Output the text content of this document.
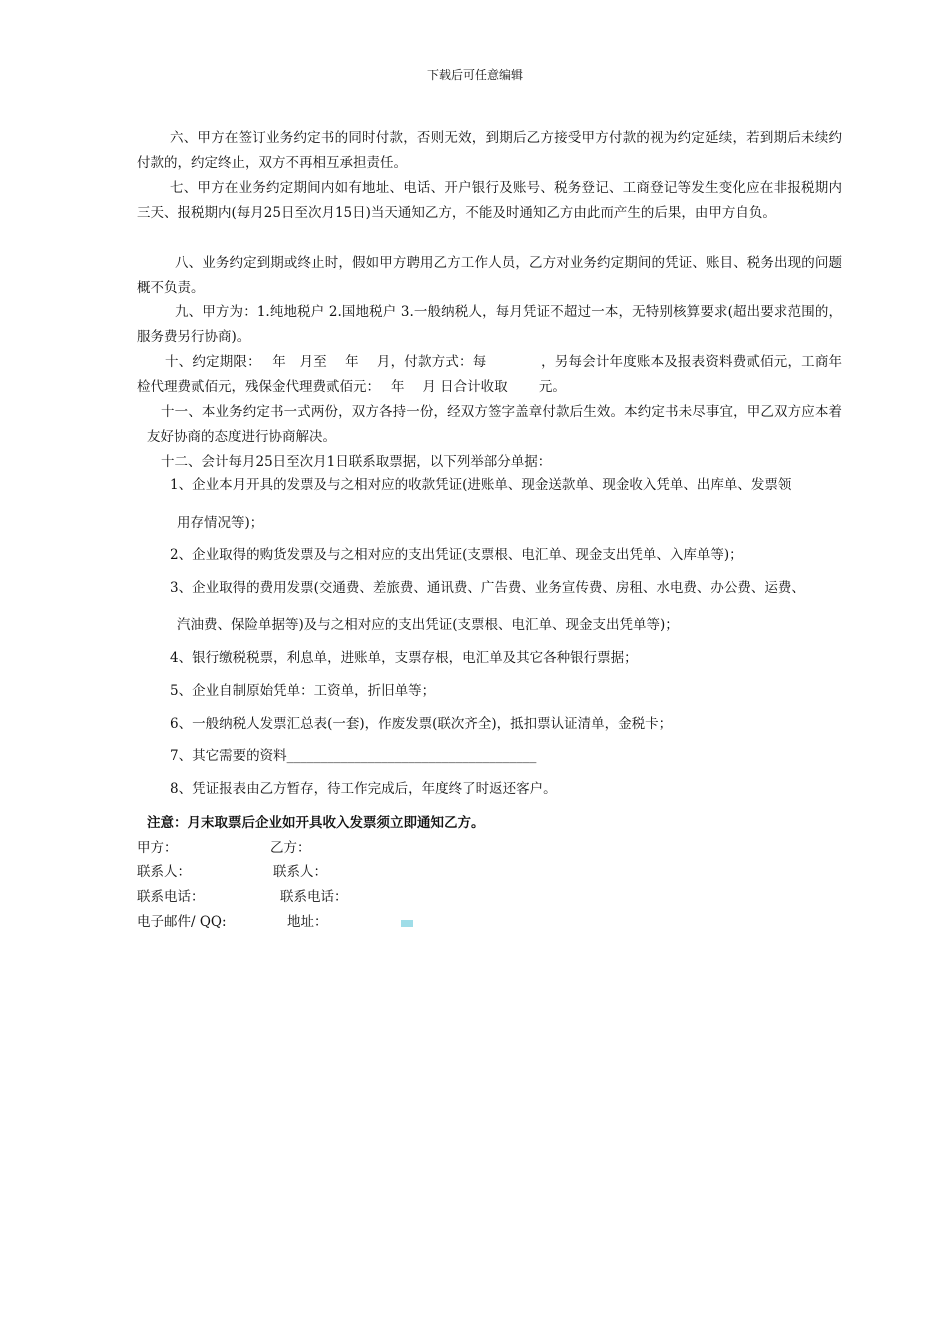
下载后可任意编辑
六、甲方在签订业务约定书的同时付款，否则无效，到期后乙方接受甲方付款的视为约定延续，若到期后未续约付款的，约定终止，双方不再相互承担责任。
七、甲方在业务约定期间内如有地址、电话、开户银行及账号、税务登记、工商登记等发生变化应在非报税期内三天、报税期内(每月25日至次月15日)当天通知乙方，不能及时通知乙方由此而产生的后果，由甲方自负。
八、业务约定到期或终止时，假如甲方聘用乙方工作人员，乙方对业务约定期间的凭证、账目、税务出现的问题概不负责。
九、甲方为：1.纯地税户 2.国地税户 3.一般纳税人，每月凭证不超过一本，无特别核算要求(超出要求范围的，服务费另行协商)。
十、约定期限：　 年　月至　 年　 月，付款方式：每　　　　，另每会计年度账本及报表资料费贰佰元，工商年检代理费贰佰元，残保金代理费贰佰元：　 年　 月 日合计收取　　 元。
十一、本业务约定书一式两份，双方各持一份，经双方签字盖章付款后生效。本约定书未尽事宜，甲乙双方应本着友好协商的态度进行协商解决。
十二、会计每月25日至次月1日联系取票据，以下列举部分单据：
1、企业本月开具的发票及与之相对应的收款凭证(进账单、现金送款单、现金收入凭单、出库单、发票领
用存情况等)；
2、企业取得的购货发票及与之相对应的支出凭证(支票根、电汇单、现金支出凭单、入库单等)；
3、企业取得的费用发票(交通费、差旅费、通讯费、广告费、业务宣传费、房租、水电费、办公费、运费、
汽油费、保险单据等)及与之相对应的支出凭证(支票根、电汇单、现金支出凭单等)；
4、银行缴税税票，利息单，进账单，支票存根，电汇单及其它各种银行票据；
5、企业自制原始凭单：工资单，折旧单等；
6、一般纳税人发票汇总表(一套)，作废发票(联次齐全)，抵扣票认证清单，金税卡；
7、其它需要的资料_____________________________________
8、凭证报表由乙方暂存，待工作完成后，年度终了时返还客户。
注意：月末取票后企业如开具收入发票须立即通知乙方。
甲方：	乙方：
联系人：	联系人：
联系电话：	联系电话：
电子邮件/ QQ:	地址：
